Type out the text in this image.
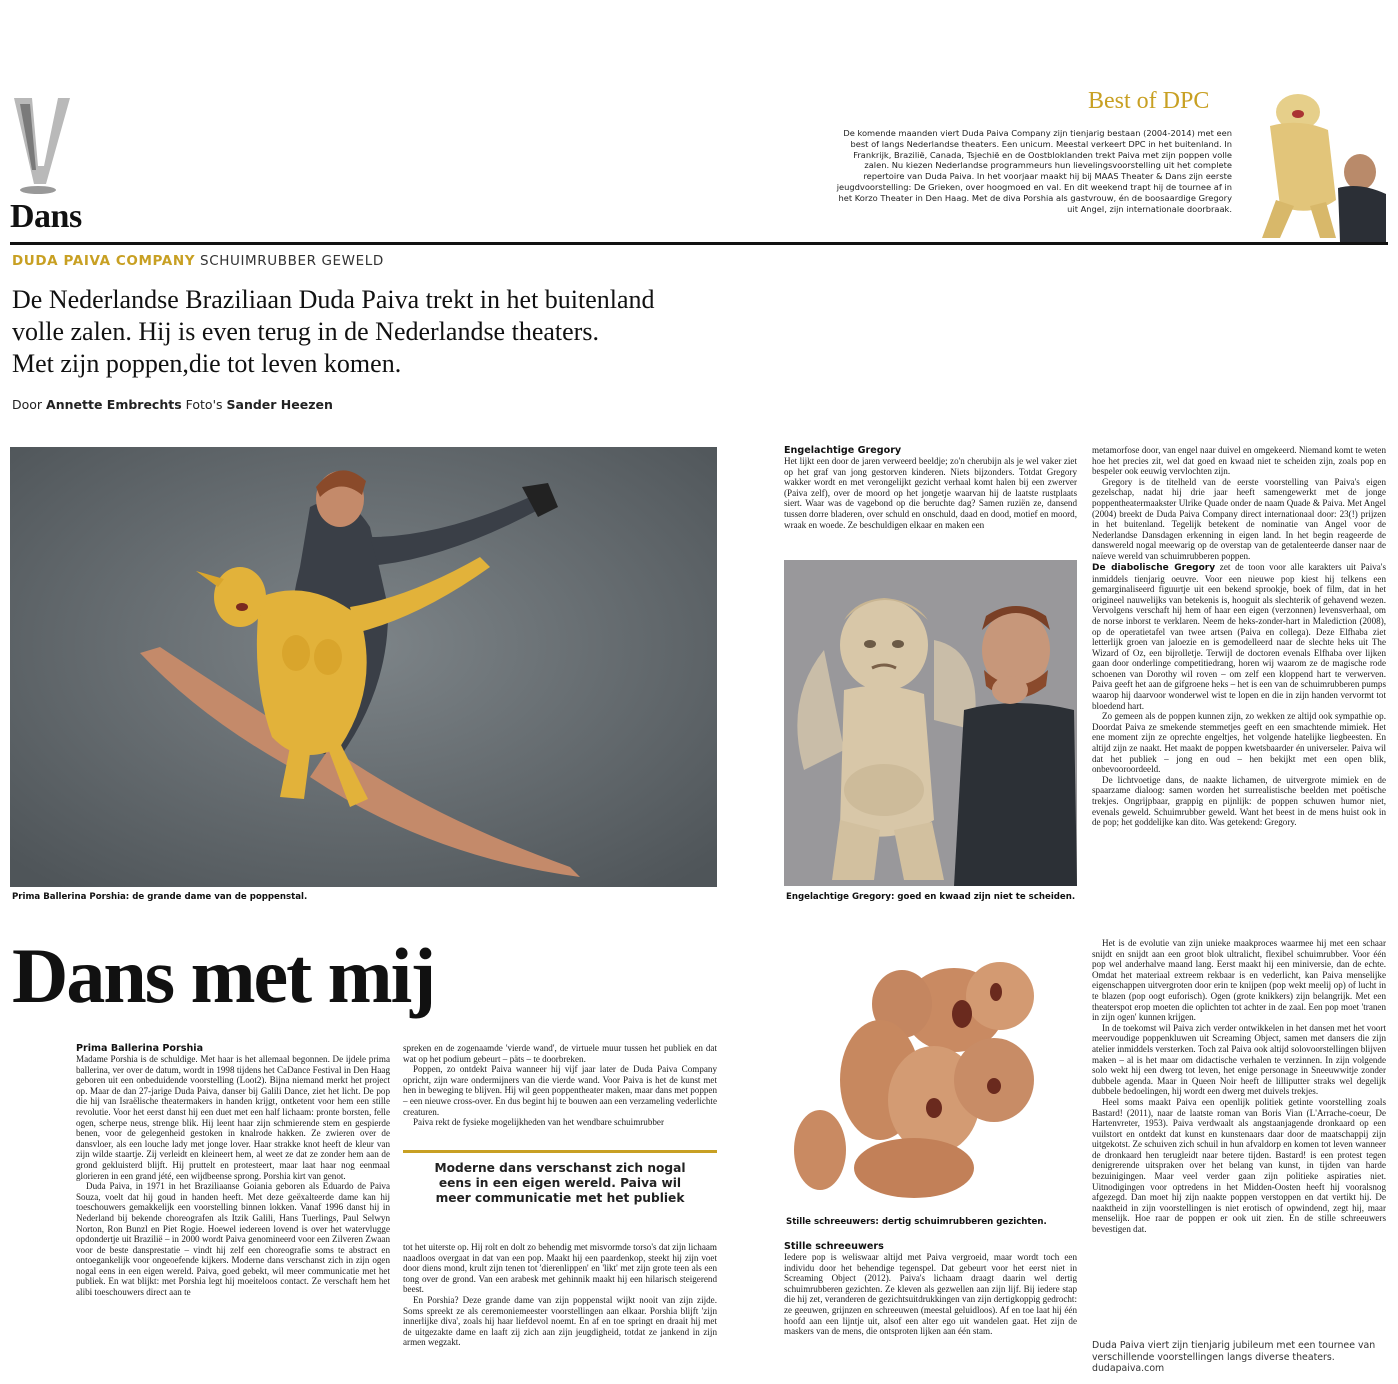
Dans
Best of DPC
De komende maanden viert Duda Paiva Company zijn tienjarig bestaan (2004-2014) met een best of langs Nederlandse theaters. Een unicum. Meestal verkeert DPC in het buitenland. In Frankrijk, Brazilië, Canada, Tsjechië en de Oostbloklanden trekt Paiva met zijn poppen volle zalen. Nu kiezen Nederlandse programmeurs hun lievelingsvoorstelling uit het complete repertoire van Duda Paiva. In het voorjaar maakt hij bij MAAS Theater & Dans zijn eerste jeugdvoorstelling: De Grieken, over hoogmoed en val. En dit weekend trapt hij de tournee af in het Korzo Theater in Den Haag. Met de diva Porshia als gastvrouw, én de boosaardige Gregory uit Angel, zijn internationale doorbraak.
DUDA PAIVA COMPANY SCHUIMRUBBER GEWELD
De Nederlandse Braziliaan Duda Paiva trekt in het buitenland
volle zalen. Hij is even terug in de Nederlandse theaters.
Met zijn poppen,die tot leven komen.
Door Annette Embrechts Foto's Sander Heezen
Prima Ballerina Porshia: de grande dame van de poppenstal.
Engelachtige Gregory
Het lijkt een door de jaren verweerd beeldje; zo'n cherubijn als je wel vaker ziet op het graf van jong gestorven kinderen. Niets bijzonders. Totdat Gregory wakker wordt en met verongelijkt gezicht verhaal komt halen bij een zwerver (Paiva zelf), over de moord op het jongetje waarvan hij de laatste rustplaats siert. Waar was de vagebond op die beruchte dag? Samen ruziën ze, dansend tussen dorre bladeren, over schuld en onschuld, daad en dood, motief en moord, wraak en woede. Ze beschuldigen elkaar en maken een
Engelachtige Gregory: goed en kwaad zijn niet te scheiden.
metamorfose door, van engel naar duivel en omgekeerd. Niemand komt te weten hoe het precies zit, wel dat goed en kwaad niet te scheiden zijn, zoals pop en bespeler ook eeuwig vervlochten zijn.
Gregory is de titelheld van de eerste voorstelling van Paiva's eigen gezelschap, nadat hij drie jaar heeft samengewerkt met de jonge poppentheatermaakster Ulrike Quade onder de naam Quade & Paiva. Met Angel (2004) breekt de Duda Paiva Company direct internationaal door: 23(!) prijzen in het buitenland. Tegelijk betekent de nominatie van Angel voor de Nederlandse Dansdagen erkenning in eigen land. In het begin reageerde de danswereld nogal meewarig op de overstap van de getalenteerde danser naar de naïeve wereld van schuimrubberen poppen.
De diabolische Gregory zet de toon voor alle karakters uit Paiva's inmiddels tienjarig oeuvre. Voor een nieuwe pop kiest hij telkens een gemarginaliseerd figuurtje uit een bekend sprookje, boek of film, dat in het origineel nauwelijks van betekenis is, hooguit als slechterik of gehavend wezen. Vervolgens verschaft hij hem of haar een eigen (verzonnen) levensverhaal, om de norse inborst te verklaren. Neem de heks-zonder-hart in Malediction (2008), op de operatietafel van twee artsen (Paiva en collega). Deze Elfhaba ziet letterlijk groen van jaloezie en is gemodelleerd naar de slechte heks uit The Wizard of Oz, een bijrolletje. Terwijl de doctoren evenals Elfhaba over lijken gaan door onderlinge competitiedrang, horen wij waarom ze de magische rode schoenen van Dorothy wil roven – om zelf een kloppend hart te verwerven. Paiva geeft het aan de gifgroene heks – het is een van de schuimrubberen pumps waarop hij daarvoor wonderwel wist te lopen en die in zijn handen vervormt tot bloedend hart.
Zo gemeen als de poppen kunnen zijn, zo wekken ze altijd ook sympathie op. Doordat Paiva ze smekende stemmetjes geeft en een smachtende mimiek. Het ene moment zijn ze oprechte engeltjes, het volgende hatelijke liegbeesten. En altijd zijn ze naakt. Het maakt de poppen kwetsbaarder én universeler. Paiva wil dat het publiek – jong en oud – hen bekijkt met een open blik, onbevooroordeeld.
De lichtvoetige dans, de naakte lichamen, de uitvergrote mimiek en de spaarzame dialoog: samen worden het surrealistische beelden met poëtische trekjes. Ongrijpbaar, grappig en pijnlijk: de poppen schuwen humor niet, evenals geweld. Schuimrubber geweld. Want het beest in de mens huist ook in de pop; het goddelijke kan dito. Was getekend: Gregory.
Dans met mij
Prima Ballerina Porshia
Madame Porshia is de schuldige. Met haar is het allemaal begonnen. De ijdele prima ballerina, ver over de datum, wordt in 1998 tijdens het CaDance Festival in Den Haag geboren uit een onbeduidende voorstelling (Loot2). Bijna niemand merkt het project op. Maar de dan 27-jarige Duda Paiva, danser bij Galili Dance, ziet het licht. De pop die hij van Israëlische theatermakers in handen krijgt, ontketent voor hem een stille revolutie. Voor het eerst danst hij een duet met een half lichaam: pronte borsten, felle ogen, scherpe neus, strenge blik. Hij leent haar zijn schmierende stem en gespierde benen, voor de gelegenheid gestoken in knalrode hakken. Ze zwieren over de dansvloer, als een louche lady met jonge lover. Haar strakke knot heeft de kleur van zijn wilde staartje. Zij verleidt en kleineert hem, al weet ze dat ze zonder hem aan de grond gekluisterd blijft. Hij pruttelt en protesteert, maar laat haar nog eenmaal glorieren in een grand jété, een wijdbeense sprong. Porshia kirt van genot.
Duda Paiva, in 1971 in het Braziliaanse Goiania geboren als Eduardo de Paiva Souza, voelt dat hij goud in handen heeft. Met deze geëxalteerde dame kan hij toeschouwers gemakkelijk een voorstelling binnen lokken. Vanaf 1996 danst hij in Nederland bij bekende choreografen als Itzik Galili, Hans Tuerlings, Paul Selwyn Norton, Ron Bunzl en Piet Rogie. Hoewel iedereen lovend is over het watervlugge opdondertje uit Brazilië – in 2000 wordt Paiva genomineerd voor een Zilveren Zwaan voor de beste dansprestatie – vindt hij zelf een choreografie soms te abstract en ontoegankelijk voor ongeoefende kijkers. Moderne dans verschanst zich in zijn ogen nogal eens in een eigen wereld. Paiva, goed gebekt, wil meer communicatie met het publiek. En wat blijkt: met Porshia legt hij moeiteloos contact. Ze verschaft hem het alibi toeschouwers direct aan te
spreken en de zogenaamde 'vierde wand', de virtuele muur tussen het publiek en dat wat op het podium gebeurt – päts – te doorbreken.
Poppen, zo ontdekt Paiva wanneer hij vijf jaar later de Duda Paiva Company opricht, zijn ware ondermijners van die vierde wand. Voor Paiva is het de kunst met hen in beweging te blijven. Hij wil geen poppentheater maken, maar dans met poppen – een nieuwe cross-over. En dus begint hij te bouwen aan een verzameling vederlichte creaturen.
Paiva rekt de fysieke mogelijkheden van het wendbare schuimrubber
Moderne dans verschanst zich nogal eens in een eigen wereld. Paiva wil meer communicatie met het publiek
tot het uiterste op. Hij rolt en dolt zo behendig met misvormde torso's dat zijn lichaam naadloos overgaat in dat van een pop. Maakt hij een paardenkop, steekt hij zijn voet door diens mond, krult zijn tenen tot 'dierenlippen' en 'likt' met zijn grote teen als een tong over de grond. Van een arabesk met gehinnik maakt hij een hilarisch steigerend beest.
En Porshia? Deze grande dame van zijn poppenstal wijkt nooit van zijn zijde. Soms spreekt ze als ceremoniemeester voorstellingen aan elkaar. Porshia blijft 'zijn innerlijke diva', zoals hij haar liefdevol noemt. En af en toe springt en draait hij met de uitgezakte dame en laaft zij zich aan zijn jeugdigheid, totdat ze jankend in zijn armen wegzakt.
Stille schreeuwers: dertig schuimrubberen gezichten.
Stille schreeuwers
Iedere pop is weliswaar altijd met Paiva vergroeid, maar wordt toch een individu door het behendige tegenspel. Dat gebeurt voor het eerst niet in Screaming Object (2012). Paiva's lichaam draagt daarin wel dertig schuimrubberen gezichten. Ze kleven als gezwellen aan zijn lijf. Bij iedere stap die hij zet, veranderen de gezichtsuitdrukkingen van zijn dertigkoppig gedrocht: ze geeuwen, grijnzen en schreeuwen (meestal geluidloos). Af en toe laat hij één hoofd aan een lijntje uit, alsof een alter ego uit wandelen gaat. Het zijn de maskers van de mens, die ontsproten lijken aan één stam.
Het is de evolutie van zijn unieke maakproces waarmee hij met een schaar snijdt en snijdt aan een groot blok ultralicht, flexibel schuimrubber. Voor één pop wel anderhalve maand lang. Eerst maakt hij een miniversie, dan de echte. Omdat het materiaal extreem rekbaar is en vederlicht, kan Paiva menselijke eigenschappen uitvergroten door erin te knijpen (pop wekt meelij op) of lucht in te blazen (pop oogt euforisch). Ogen (grote knikkers) zijn belangrijk. Met een theaterspot erop moeten die oplichten tot achter in de zaal. Een pop moet 'tranen in zijn ogen' kunnen krijgen.
In de toekomst wil Paiva zich verder ontwikkelen in het dansen met het voort meervoudige poppenkluwen uit Screaming Object, samen met dansers die zijn atelier inmiddels versterken. Toch zal Paiva ook altijd solovoorstellingen blijven maken – al is het maar om didactische verhalen te verzinnen. In zijn volgende solo wekt hij een dwerg tot leven, het enige personage in Sneeuwwitje zonder dubbele agenda. Maar in Queen Noir heeft de lilliputter straks wel degelijk dubbele bedoelingen, hij wordt een dwerg met duivels trekjes.
Heel soms maakt Paiva een openlijk politiek getinte voorstelling zoals Bastard! (2011), naar de laatste roman van Boris Vian (L'Arrache-coeur, De Hartenvreter, 1953). Paiva verdwaalt als angstaanjagende dronkaard op een vuilstort en ontdekt dat kunst en kunstenaars daar door de maatschappij zijn uitgekotst. Ze schuiven zich schuil in hun afvaldorp en komen tot leven wanneer de dronkaard hen terugleidt naar betere tijden. Bastard! is een protest tegen denigrerende uitspraken over het belang van kunst, in tijden van harde bezuinigingen. Maar veel verder gaan zijn politieke aspiraties niet. Uitnodigingen voor optredens in het Midden-Oosten heeft hij vooralsnog afgezegd. Dan moet hij zijn naakte poppen verstoppen en dat vertikt hij. De naaktheid in zijn voorstellingen is niet erotisch of opwindend, zegt hij, maar menselijk. Hoe raar de poppen er ook uit zien. En de stille schreeuwers bevestigen dat.
Duda Paiva viert zijn tienjarig jubileum met een tournee van verschillende voorstellingen langs diverse theaters. dudapaiva.com
